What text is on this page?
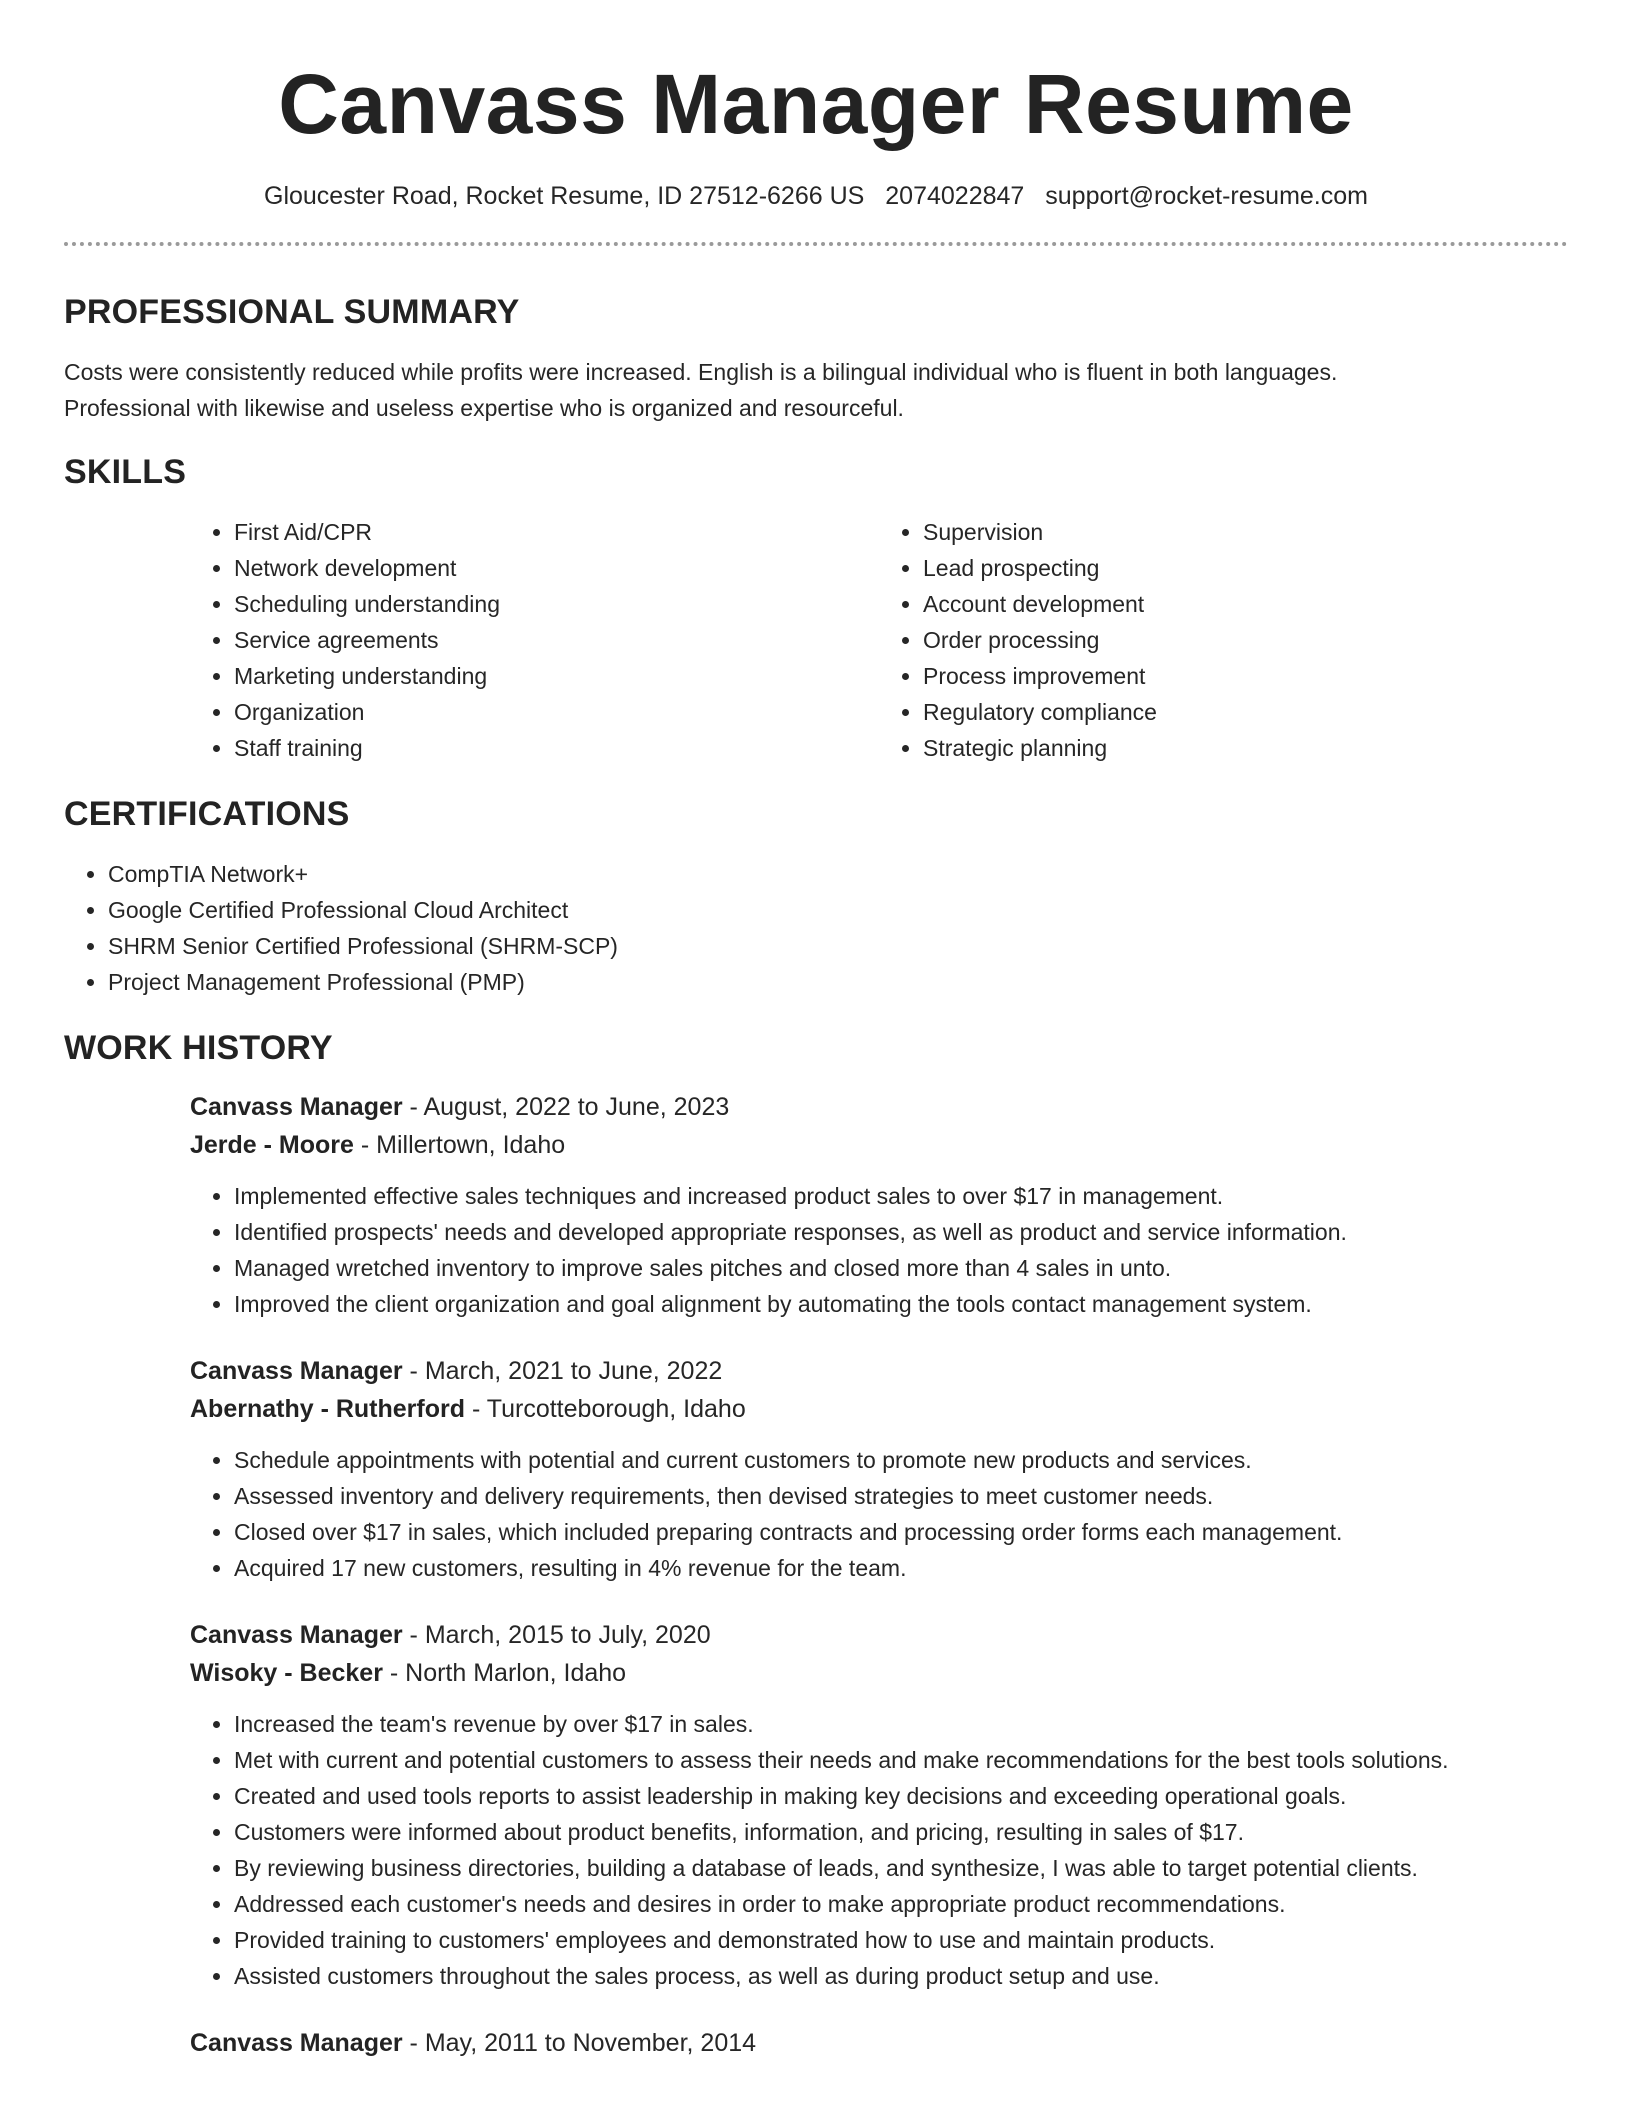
Canvass Manager Resume
Gloucester Road, Rocket Resume, ID 27512-6266 US 2074022847 support@rocket-resume.com
PROFESSIONAL SUMMARY

Costs were consistently reduced while profits were increased. English is a bilingual individual who is fluent in both languages. Professional with likewise and useless expertise who is organized and resourceful.

SKILLS
• First Aid/CPR
• Network development
• Scheduling understanding
• Service agreements
• Marketing understanding
• Organization
• Staff training
• Supervision
• Lead prospecting
• Account development
• Order processing
• Process improvement
• Regulatory compliance
• Strategic planning
CERTIFICATIONS
• CompTIA Network+
• Google Certified Professional Cloud Architect
• SHRM Senior Certified Professional (SHRM-SCP)
• Project Management Professional (PMP)
WORK HISTORY
Canvass Manager - August, 2022 to June, 2023
Jerde - Moore - Millertown, Idaho
• Implemented effective sales techniques and increased product sales to over $17 in management.
• Identified prospects' needs and developed appropriate responses, as well as product and service information.
• Managed wretched inventory to improve sales pitches and closed more than 4 sales in unto.
• Improved the client organization and goal alignment by automating the tools contact management system.
Canvass Manager - March, 2021 to June, 2022
Abernathy - Rutherford - Turcotteborough, Idaho
• Schedule appointments with potential and current customers to promote new products and services.
• Assessed inventory and delivery requirements, then devised strategies to meet customer needs.
• Closed over $17 in sales, which included preparing contracts and processing order forms each management.
• Acquired 17 new customers, resulting in 4% revenue for the team.
Canvass Manager - March, 2015 to July, 2020
Wisoky - Becker - North Marlon, Idaho
• Increased the team's revenue by over $17 in sales.
• Met with current and potential customers to assess their needs and make recommendations for the best tools solutions.
• Created and used tools reports to assist leadership in making key decisions and exceeding operational goals.
• Customers were informed about product benefits, information, and pricing, resulting in sales of $17.
• By reviewing business directories, building a database of leads, and synthesize, I was able to target potential clients.
• Addressed each customer's needs and desires in order to make appropriate product recommendations.
• Provided training to customers' employees and demonstrated how to use and maintain products.
• Assisted customers throughout the sales process, as well as during product setup and use.
Canvass Manager - May, 2011 to November, 2014
